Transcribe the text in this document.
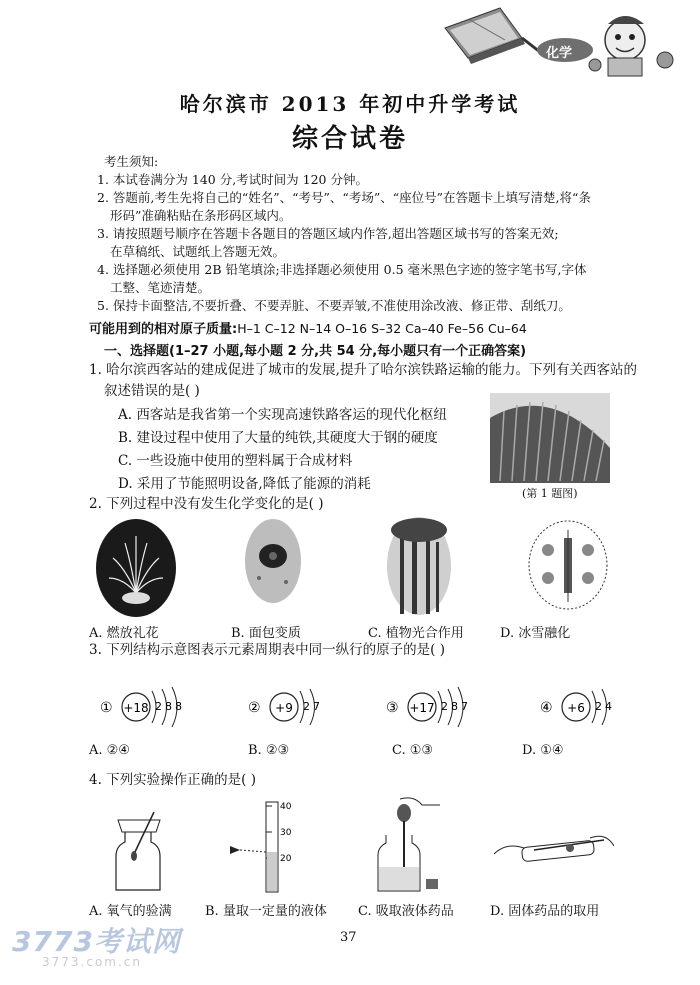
化学
哈尔滨市 2013 年初中升学考试
综合试卷
考生须知:
1. 本试卷满分为 140 分,考试时间为 120 分钟。
2. 答题前,考生先将自己的“姓名”、“考号”、“考场”、“座位号”在答题卡上填写清楚,将“条
形码”准确粘贴在条形码区域内。
3. 请按照题号顺序在答题卡各题目的答题区域内作答,超出答题区域书写的答案无效;
在草稿纸、试题纸上答题无效。
4. 选择题必须使用 2B 铅笔填涂;非选择题必须使用 0.5 毫米黑色字迹的签字笔书写,字体
工整、笔迹清楚。
5. 保持卡面整洁,不要折叠、不要弄脏、不要弄皱,不准使用涂改液、修正带、刮纸刀。
可能用到的相对原子质量:H–1 C–12 N–14 O–16 S–32 Ca–40 Fe–56 Cu–64
一、选择题(1–27 小题,每小题 2 分,共 54 分,每小题只有一个正确答案)
1. 哈尔滨西客站的建成促进了城市的发展,提升了哈尔滨铁路运输的能力。下列有关西客站的
叙述错误的是( )
A. 西客站是我省第一个实现高速铁路客运的现代化枢纽
B. 建设过程中使用了大量的纯铁,其硬度大于钢的硬度
C. 一些设施中使用的塑料属于合成材料
D. 采用了节能照明设备,降低了能源的消耗
(第 1 题图)
2. 下列过程中没有发生化学变化的是( )
A. 燃放礼花	B. 面包变质	C. 植物光合作用	D. 冰雪融化
3. 下列结构示意图表示元素周期表中同一纵行的原子的是( )
① +18 2 8 8	② +9 2 7	③ +17 2 8 7	④ +6 2 4
A. ②④	B. ②③	C. ①③	D. ①④
4. 下列实验操作正确的是( )
40
30
20
A. 氧气的验满	B. 量取一定量的液体 C. 吸取液体药品	D. 固体药品的取用
37
3773考试网
3773.com.cn
